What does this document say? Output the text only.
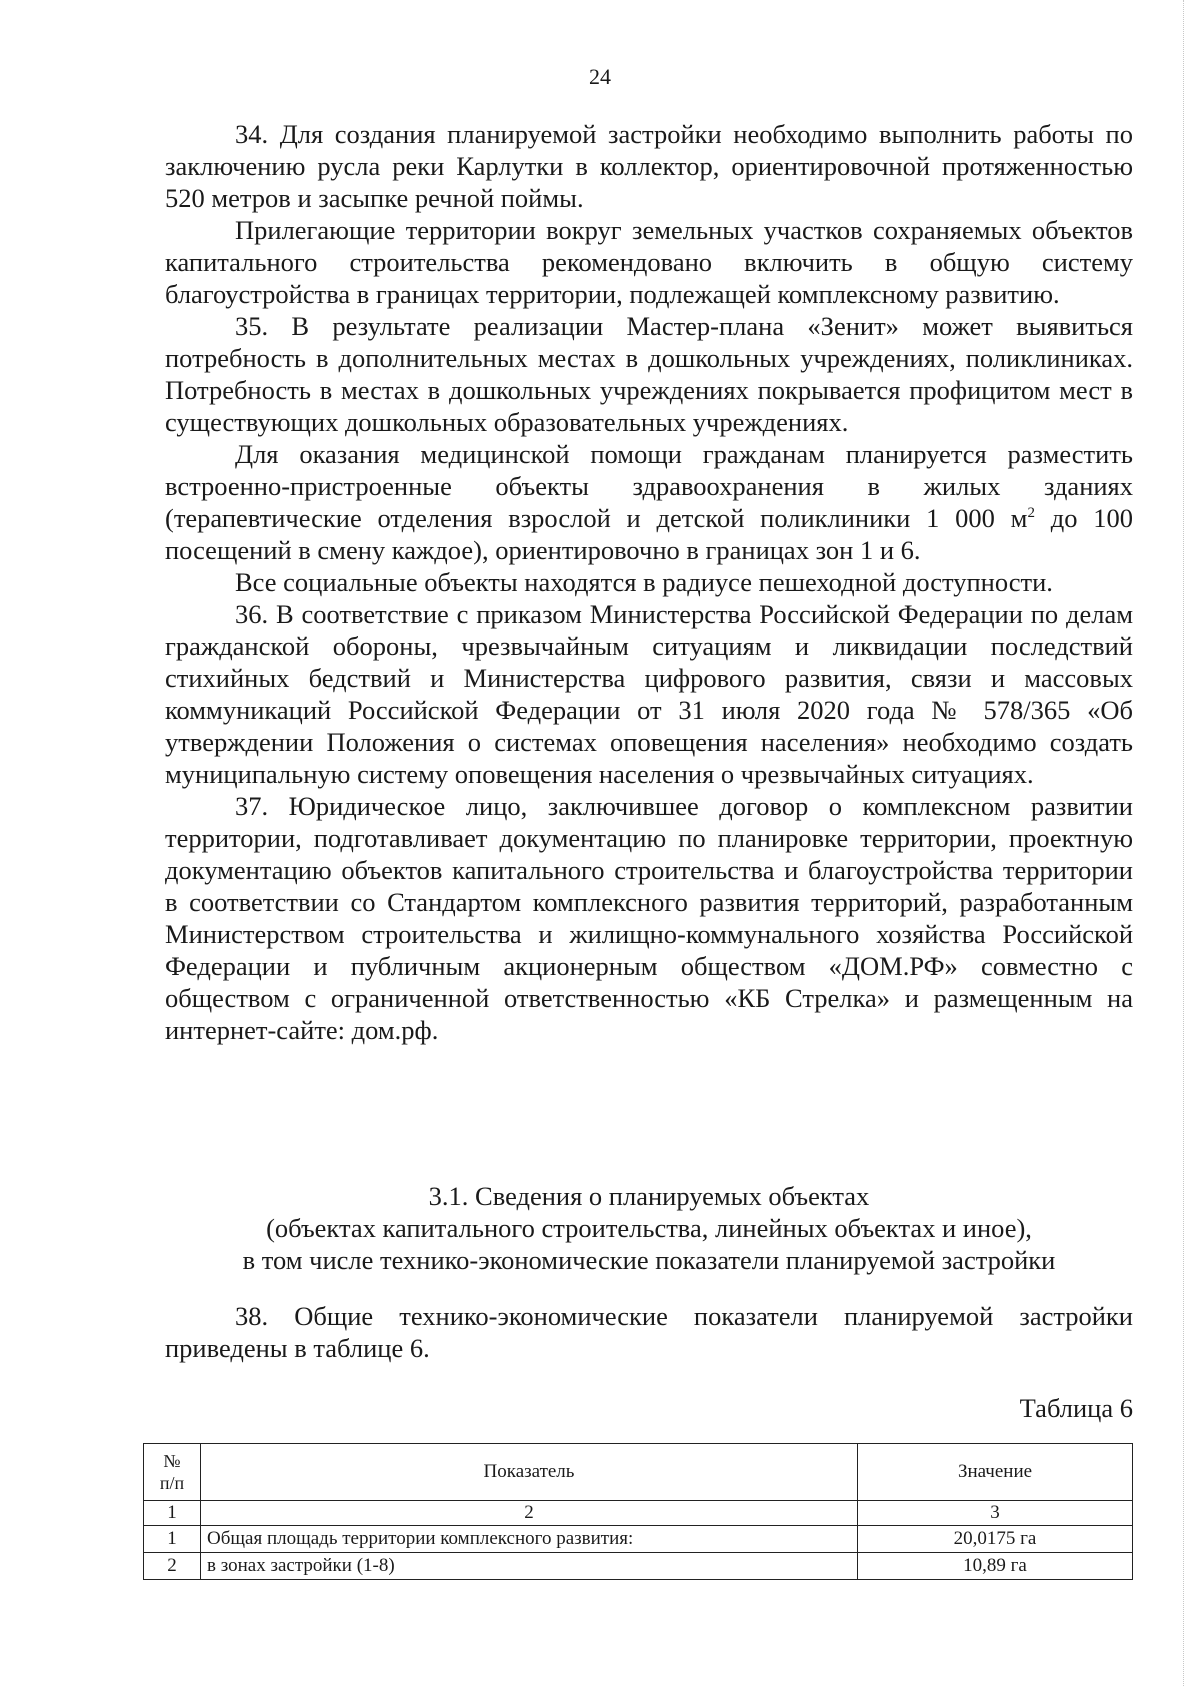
24

34. Для создания планируемой застройки необходимо выполнить работы по заключению русла реки Карлутки в коллектор, ориентировочной протяженностью 520 метров и засыпке речной поймы.

Прилегающие территории вокруг земельных участков сохраняемых объектов капитального строительства рекомендовано включить в общую систему благоустройства в границах территории, подлежащей комплексному развитию.

35. В результате реализации Мастер-плана «Зенит» может выявиться потребность в дополнительных местах в дошкольных учреждениях, поликлиниках. Потребность в местах в дошкольных учреждениях покрывается профицитом мест в существующих дошкольных образовательных учреждениях.

Для оказания медицинской помощи гражданам планируется разместить встроенно-пристроенные объекты здравоохранения в жилых зданиях (терапевтические отделения взрослой и детской поликлиники 1 000 $м^2$ до 100 посещений в смену каждое), ориентировочно в границах зон 1 и 6.

Все социальные объекты находятся в радиусе пешеходной доступности.

36. В соответствие с приказом Министерства Российской Федерации по делам гражданской обороны, чрезвычайным ситуациям и ликвидации последствий стихийных бедствий и Министерства цифрового развития, связи и массовых коммуникаций Российской Федерации от 31 июля 2020 года № 578/365 «Об утверждении Положения о системах оповещения населения» необходимо создать муниципальную систему оповещения населения о чрезвычайных ситуациях.

37. Юридическое лицо, заключившее договор о комплексном развитии территории, подготавливает документацию по планировке территории, проектную документацию объектов капитального строительства и благоустройства территории в соответствии со Стандартом комплексного развития территорий, разработанным Министерством строительства и жилищно-коммунального хозяйства Российской Федерации и публичным акционерным обществом «ДОМ.РФ» совместно с обществом с ограниченной ответственностью «КБ Стрелка» и размещенным на интернет-сайте: дом.рф.

3.1. Сведения о планируемых объектах
(объектах капитального строительства, линейных объектах и иное),
в том числе технико-экономические показатели планируемой застройки

38. Общие технико-экономические показатели планируемой застройки приведены в таблице 6.

Таблица 6
№
п/п	Показатель	Значение
1	2	3
1	Общая площадь территории комплексного развития:	20,0175 га
2	в зонах застройки (1-8)	10,89 га
